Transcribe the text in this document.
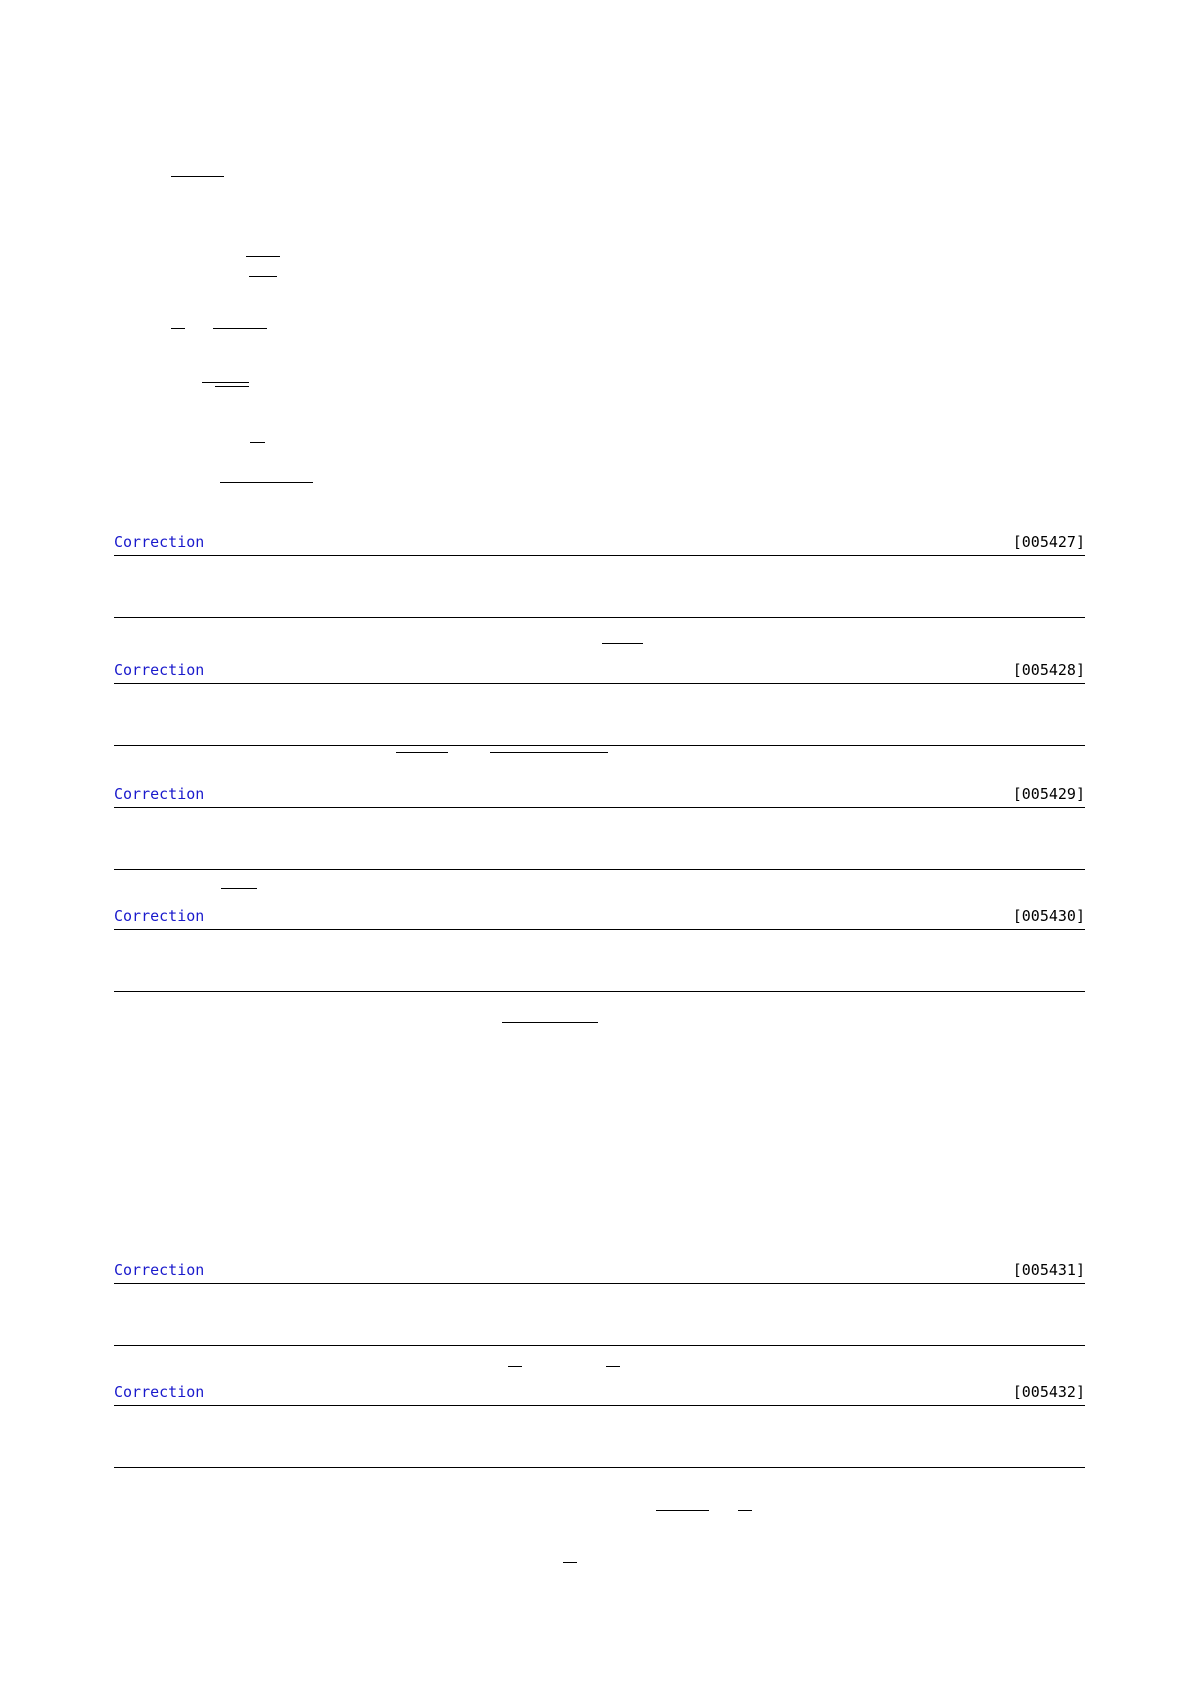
Correction	[005427]
Correction	[005428]
Correction	[005429]
Correction	[005430]
Correction	[005431]
Correction	[005432]
